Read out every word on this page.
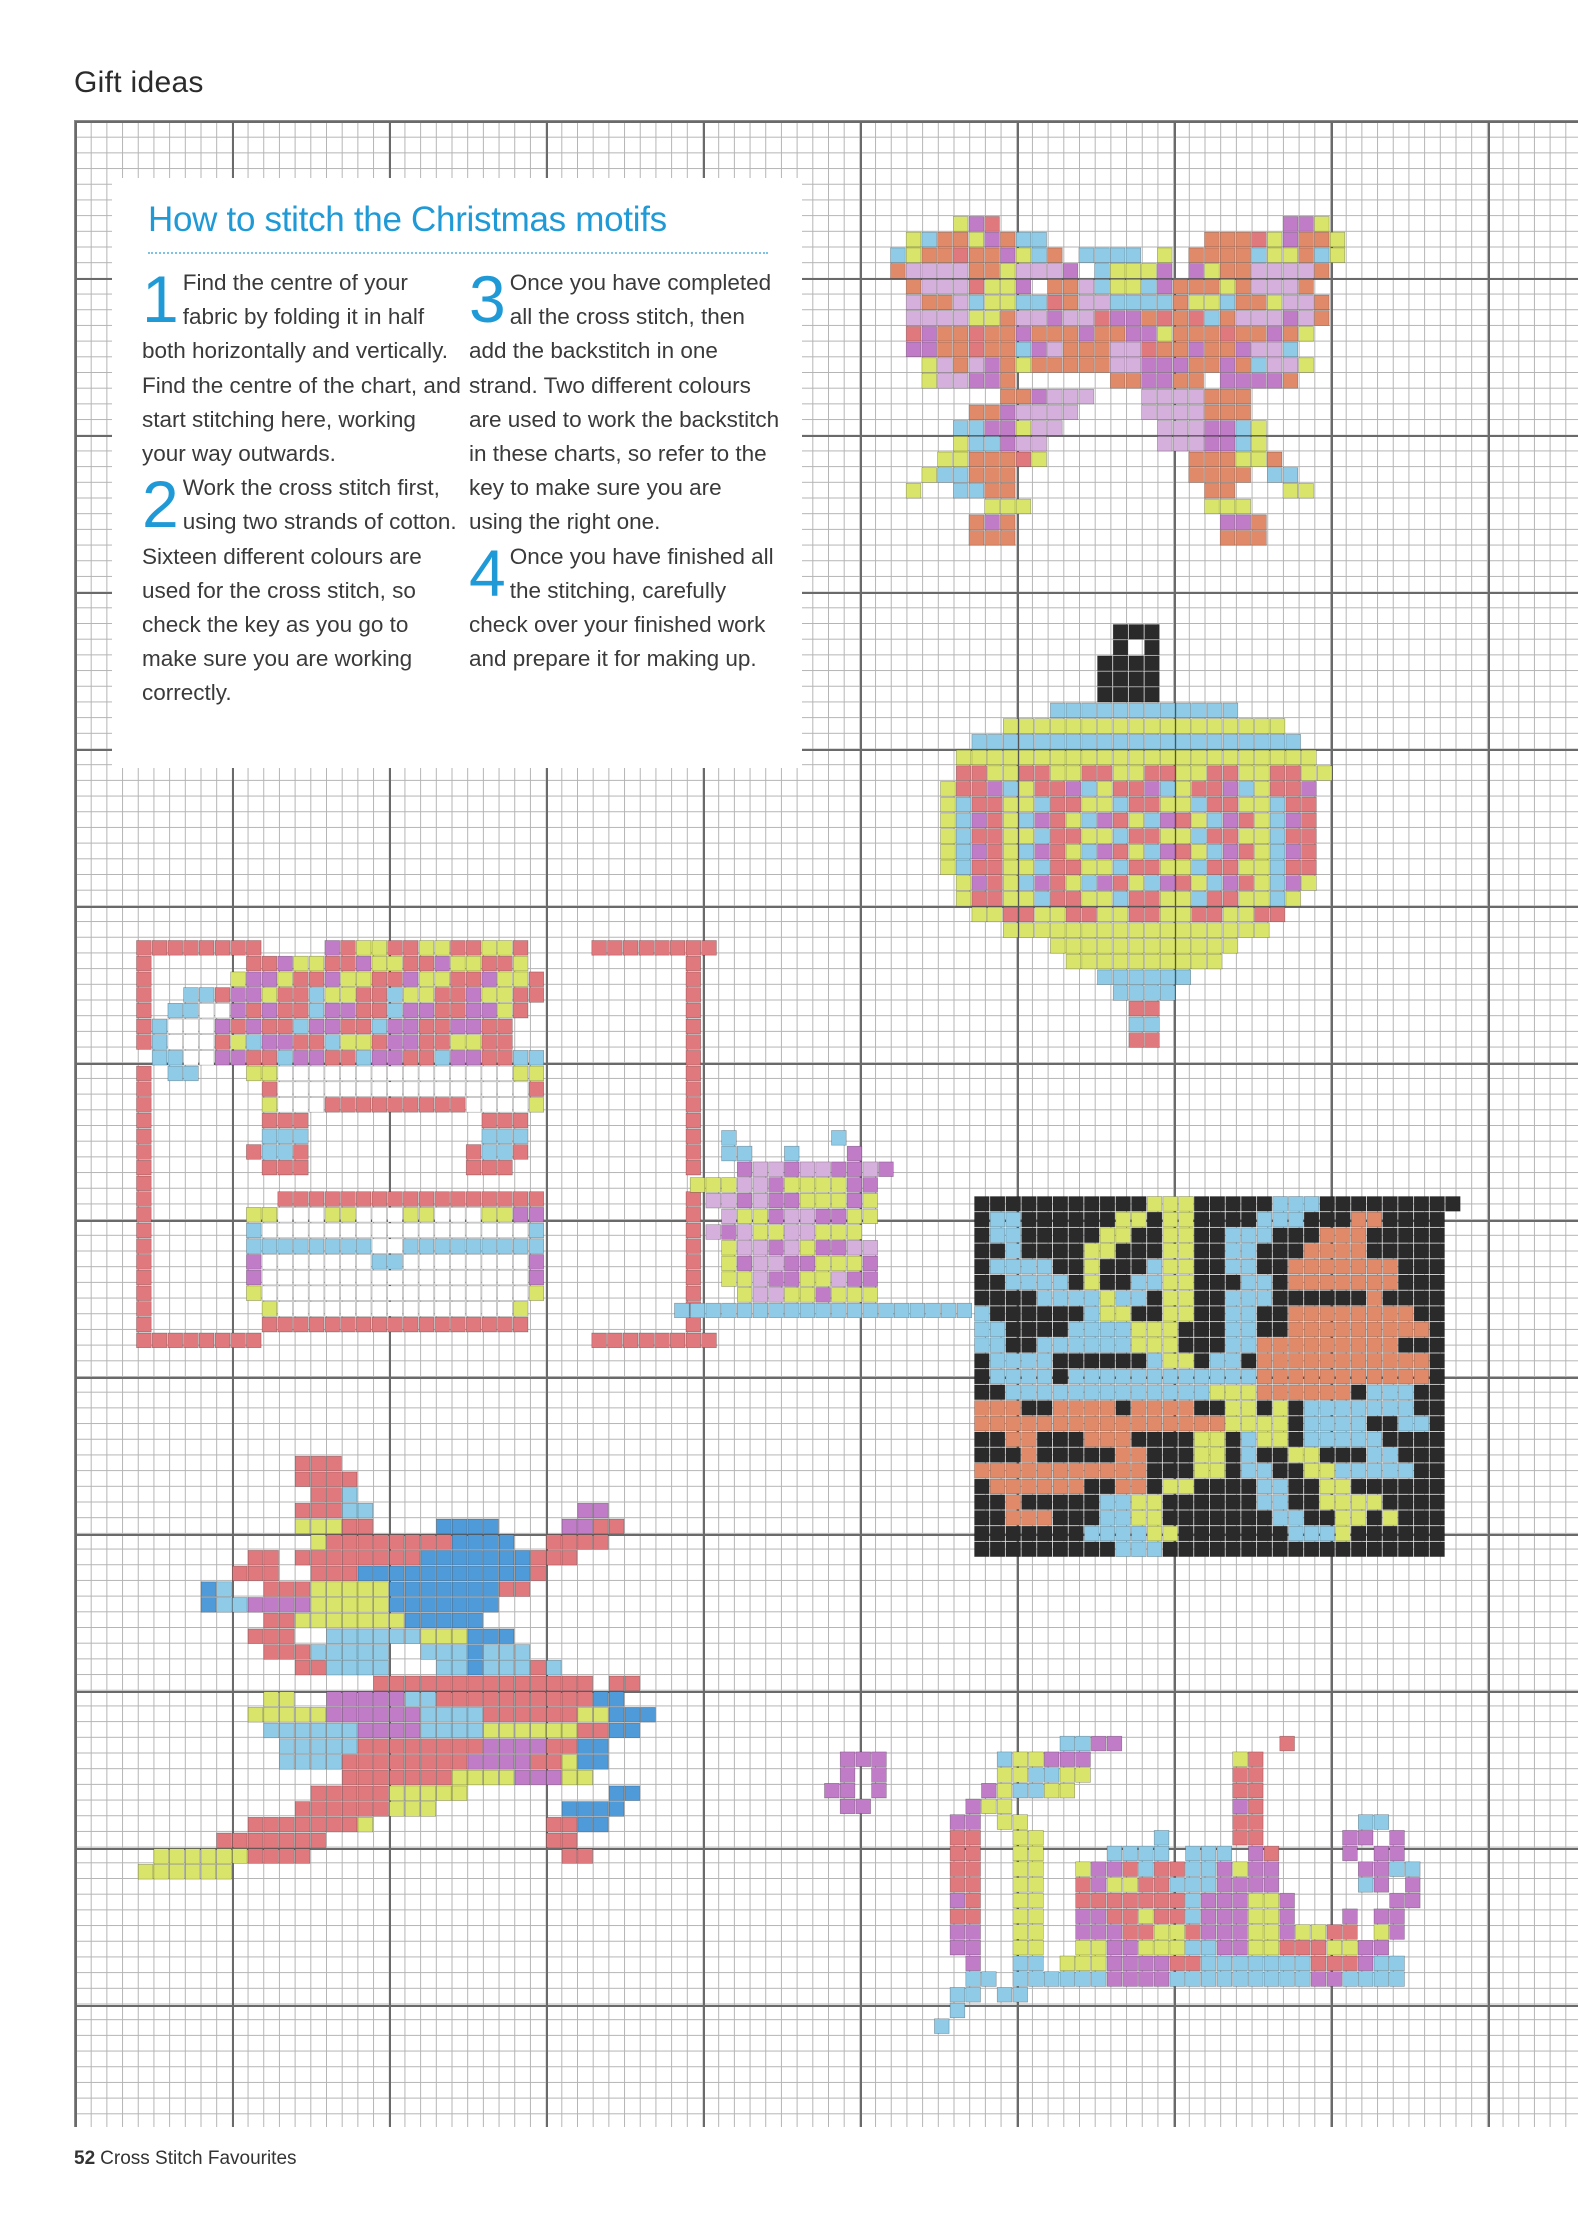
Gift ideas
How to stitch the Christmas motifs

1 Find the centre of your fabric by folding it in half both horizontally and vertically. Find the centre of the chart, and start stitching here, working your way outwards.

2 Work the cross stitch first, using two strands of cotton. Sixteen different colours are used for the cross stitch, so check the key as you go to make sure you are working correctly.

3 Once you have completed all the cross stitch, then add the backstitch in one strand. Two different colours are used to work the backstitch in these charts, so refer to the key to make sure you are using the right one.

4 Once you have finished all the stitching, carefully check over your finished work and prepare it for making up.

52 Cross Stitch Favourites
